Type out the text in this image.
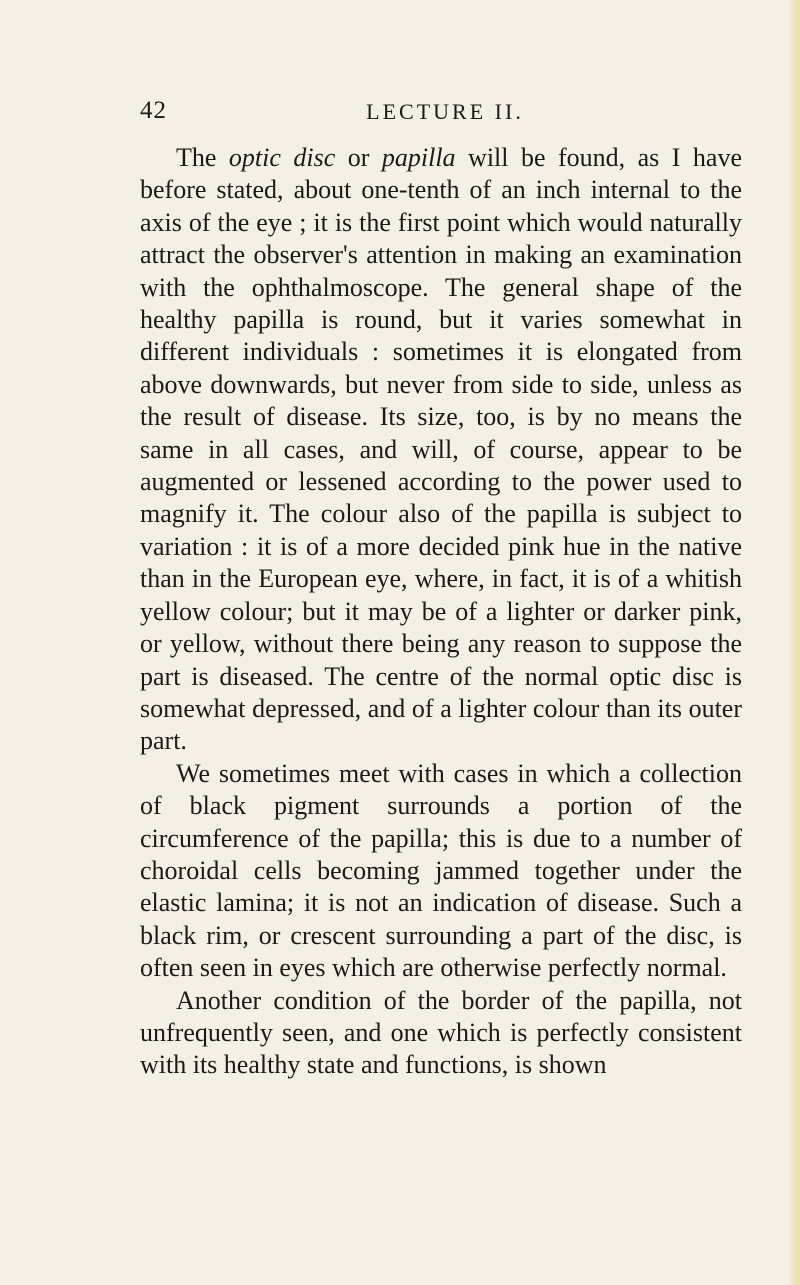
42	LECTURE II.

The optic disc or papilla will be found, as I have before stated, about one-tenth of an inch internal to the axis of the eye ; it is the first point which would naturally attract the observer's attention in making an examination with the ophthalmoscope. The general shape of the healthy papilla is round, but it varies somewhat in different individuals : sometimes it is elongated from above downwards, but never from side to side, unless as the result of disease. Its size, too, is by no means the same in all cases, and will, of course, appear to be augmented or lessened according to the power used to magnify it. The colour also of the papilla is subject to variation : it is of a more decided pink hue in the native than in the European eye, where, in fact, it is of a whitish yellow colour; but it may be of a lighter or darker pink, or yellow, without there being any reason to suppose the part is diseased. The centre of the normal optic disc is somewhat depressed, and of a lighter colour than its outer part.

We sometimes meet with cases in which a collection of black pigment surrounds a portion of the circumference of the papilla; this is due to a number of choroidal cells becoming jammed together under the elastic lamina; it is not an indication of disease. Such a black rim, or crescent surrounding a part of the disc, is often seen in eyes which are otherwise perfectly normal.

Another condition of the border of the papilla, not unfrequently seen, and one which is perfectly consistent with its healthy state and functions, is shown
